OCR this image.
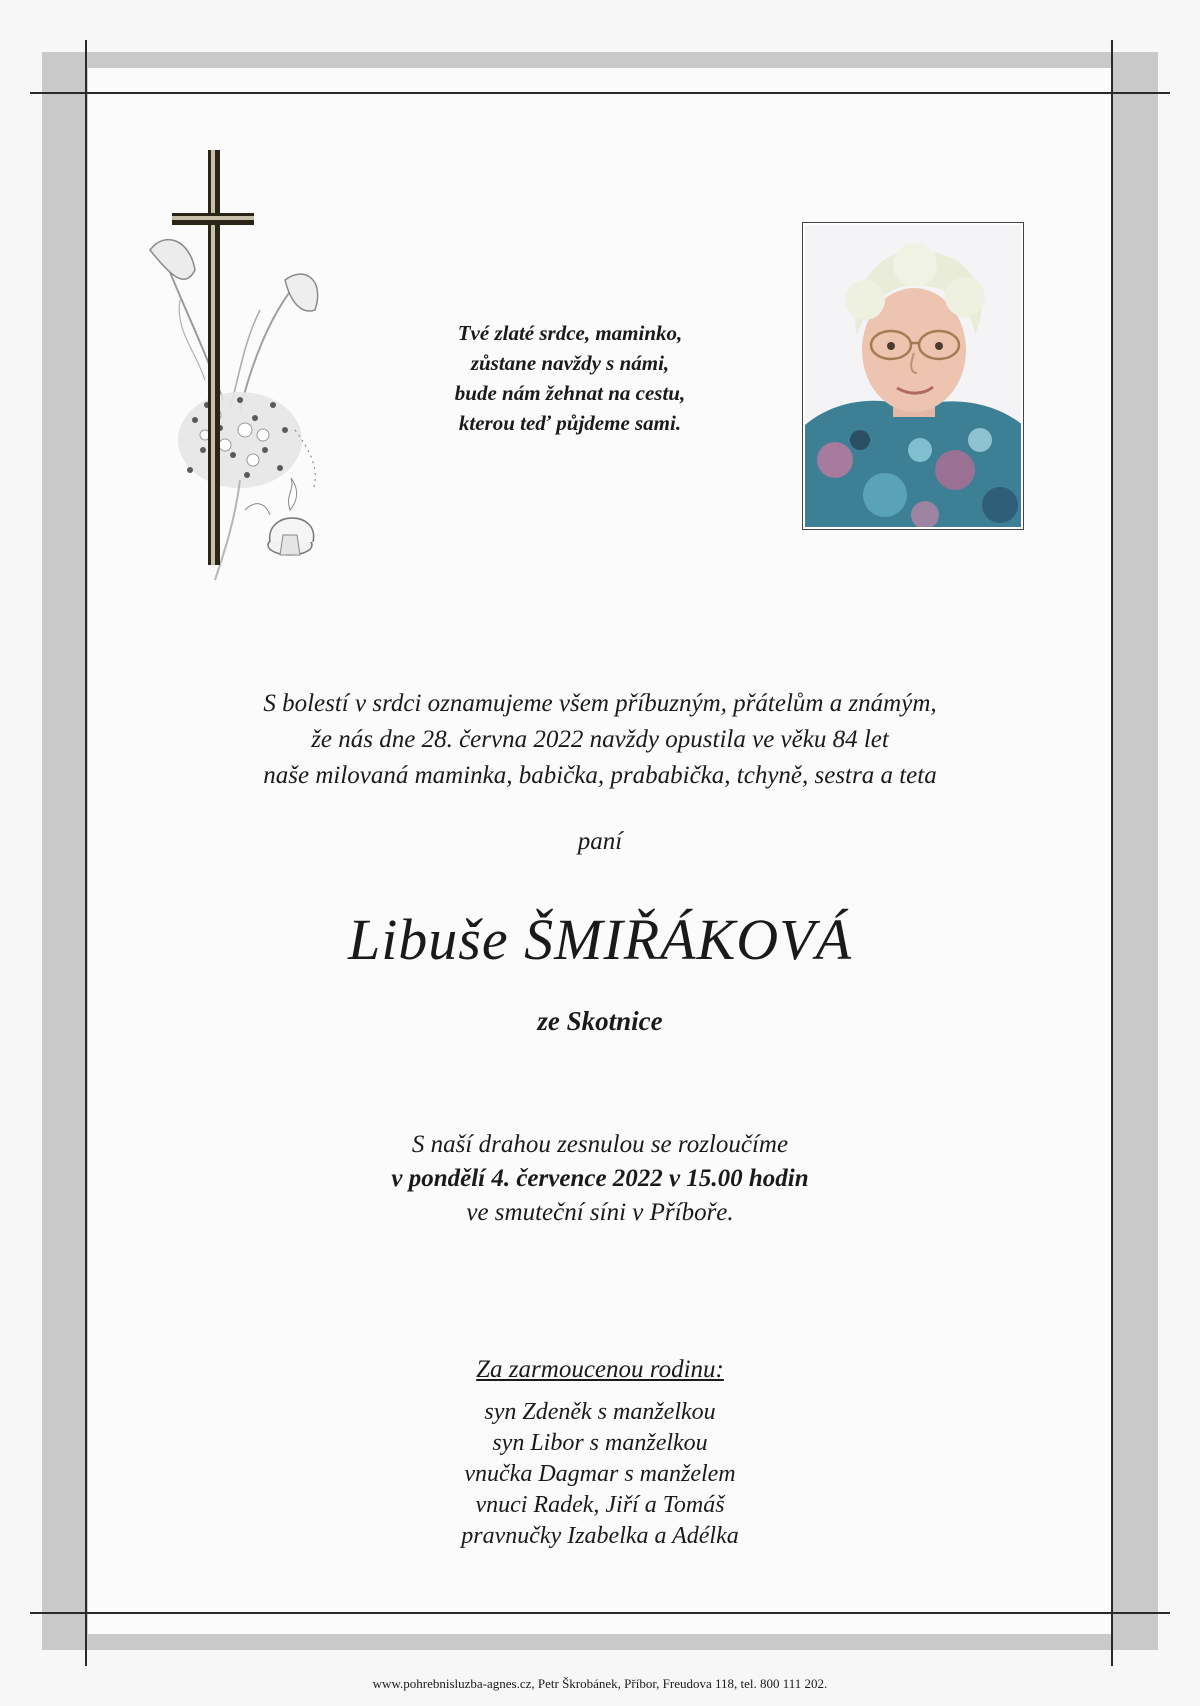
Tvé zlaté srdce, maminko,
zůstane navždy s námi,
bude nám žehnat na cestu,
kterou teď půjdeme sami.
S bolestí v srdci oznamujeme všem příbuzným, přátelům a známým,
že nás dne 28. června 2022 navždy opustila ve věku 84 let
naše milovaná maminka, babička, prababička, tchyně, sestra a teta
paní
Libuše ŠMIŘÁKOVÁ
ze Skotnice
S naší drahou zesnulou se rozloučíme
v pondělí 4. července 2022 v 15.00 hodin
ve smuteční síni v Příboře.
Za zarmoucenou rodinu:
syn Zdeněk s manželkou
syn Libor s manželkou
vnučka Dagmar s manželem
vnuci Radek, Jiří a Tomáš
pravnučky Izabelka a Adélka
www.pohrebnisluzba-agnes.cz, Petr Škrobánek, Příbor, Freudova 118, tel. 800 111 202.
